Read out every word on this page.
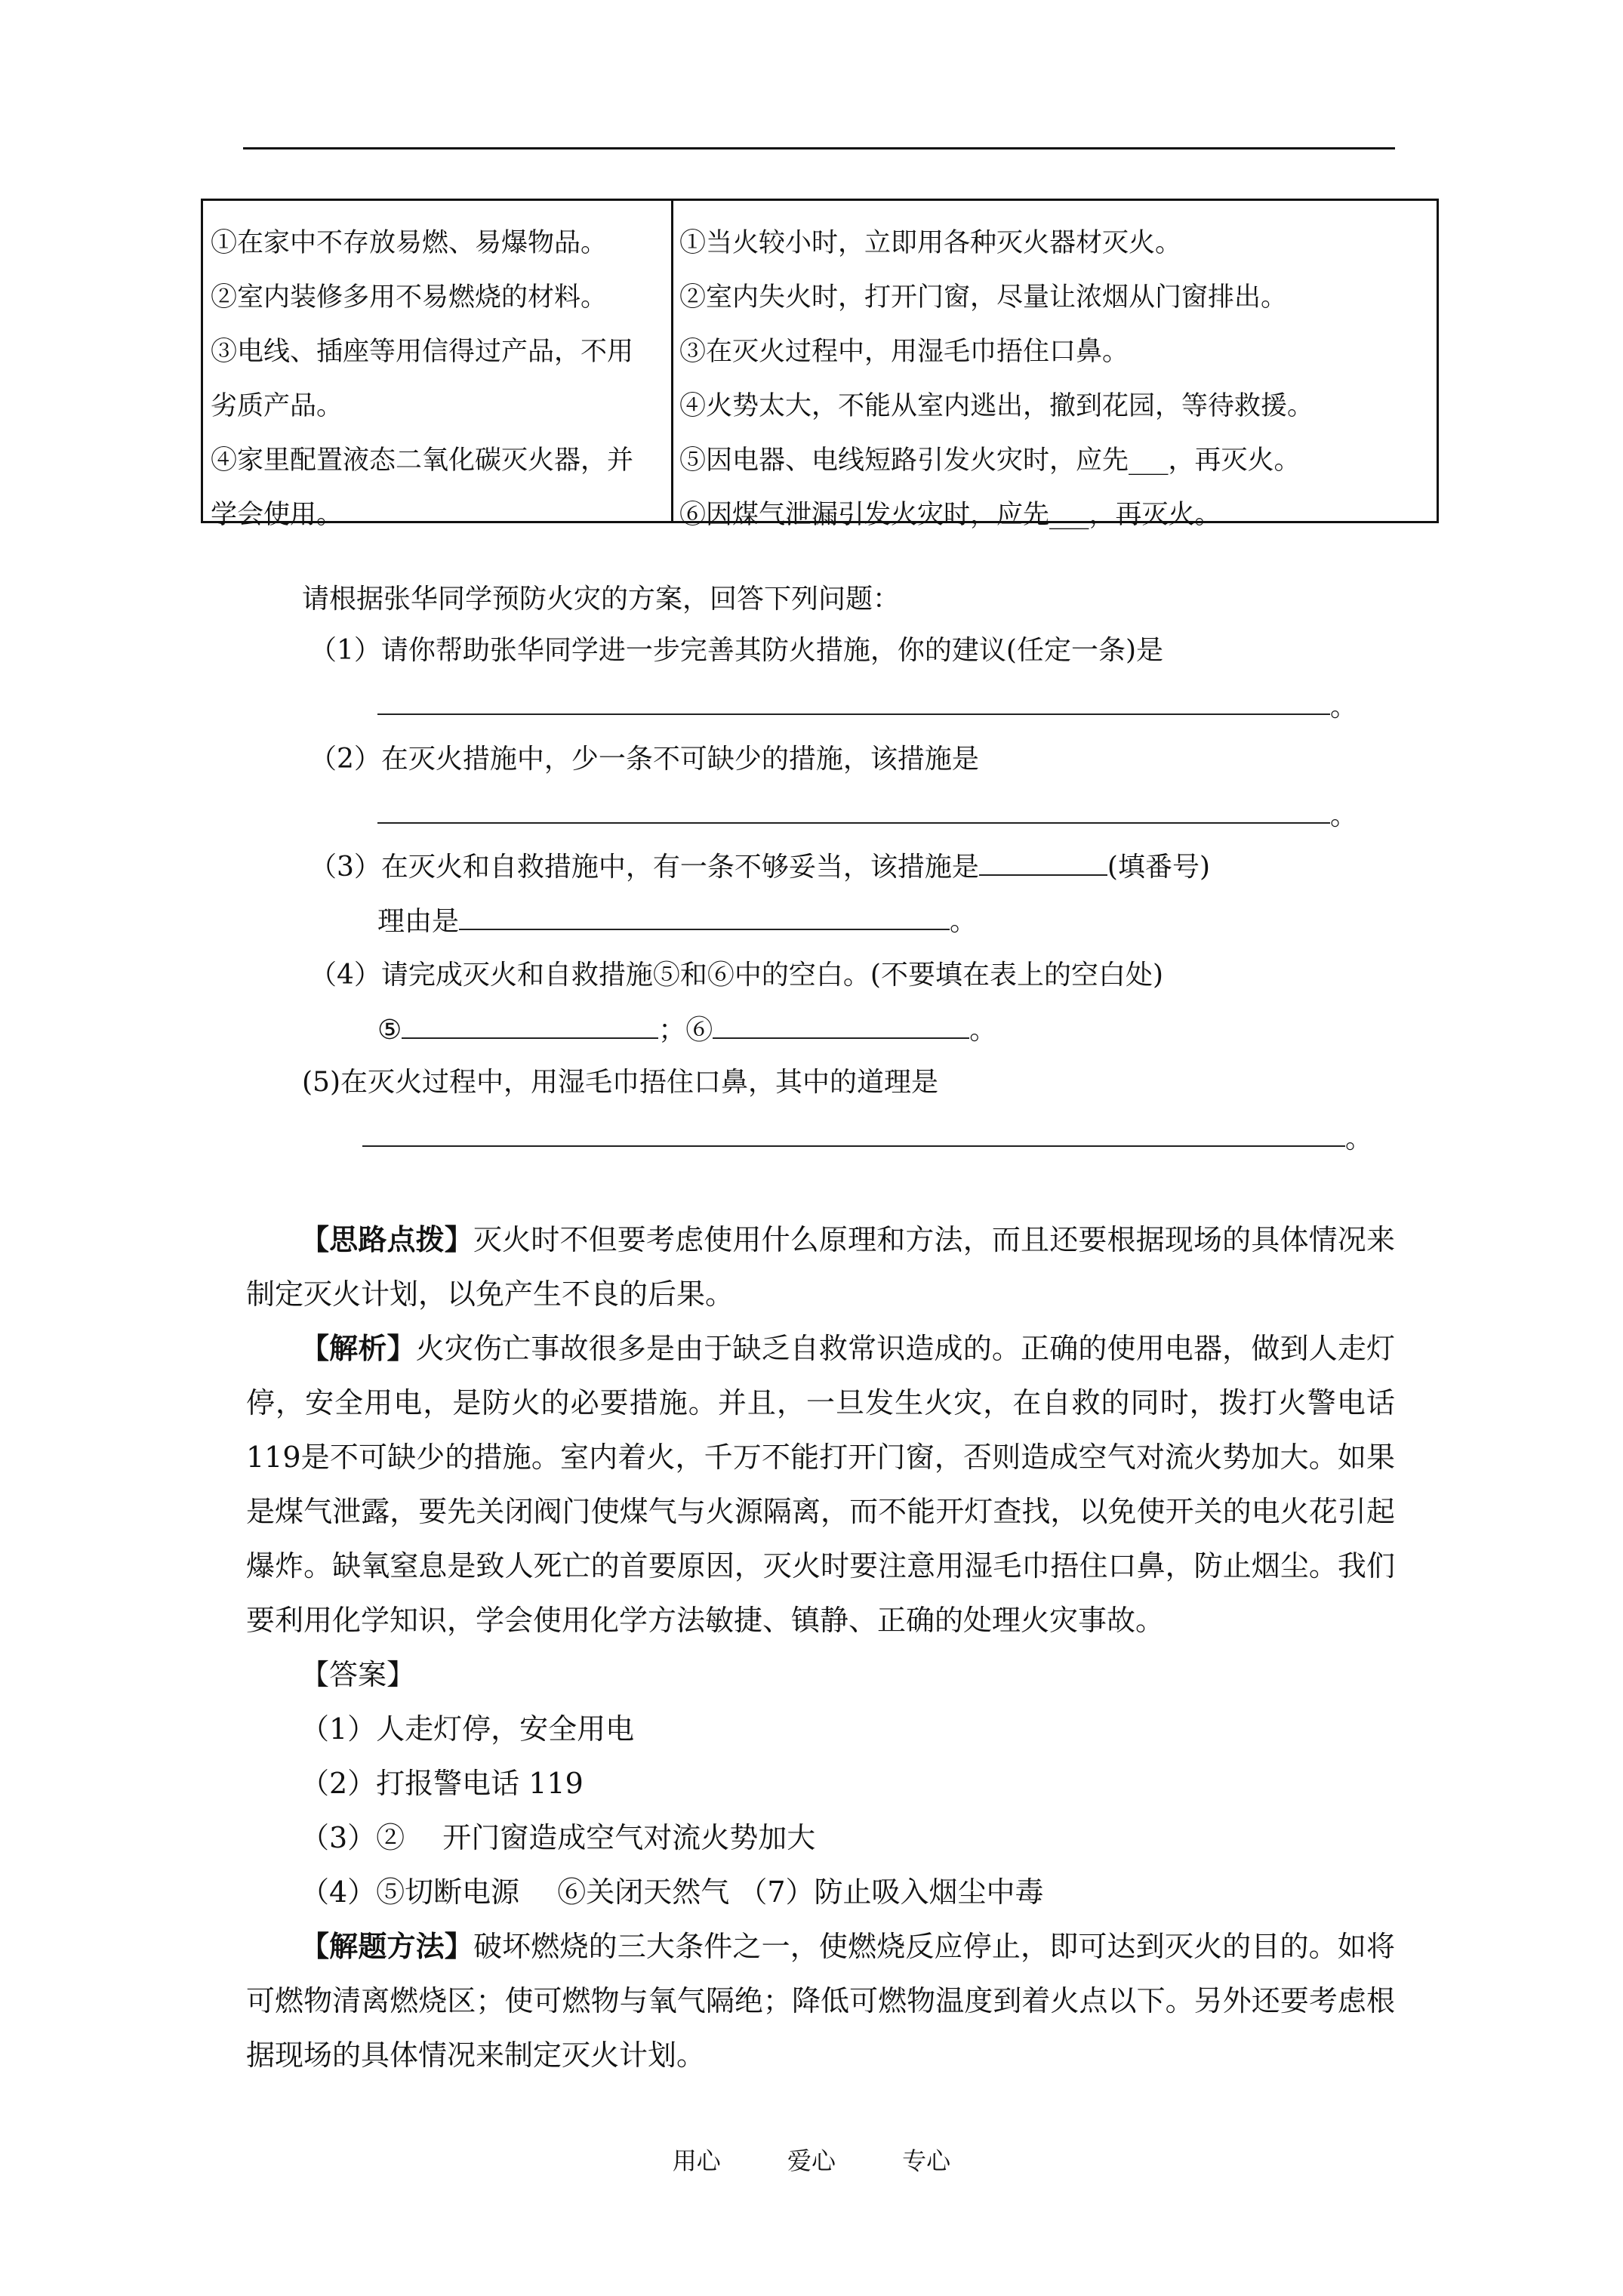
①在家中不存放易燃、易爆物品。
②室内装修多用不易燃烧的材料。
③电线、插座等用信得过产品，不用
劣质产品。
④家里配置液态二氧化碳灭火器，并
学会使用。
①当火较小时，立即用各种灭火器材灭火。
②室内失火时，打开门窗，尽量让浓烟从门窗排出。
③在灭火过程中，用湿毛巾捂住口鼻。
④火势太大，不能从室内逃出，撤到花园，等待救援。
⑤因电器、电线短路引发火灾时，应先___，再灭火。
⑥因煤气泄漏引发火灾时，应先___，再灭火。
请根据张华同学预防火灾的方案，回答下列问题：
（1）请你帮助张华同学进一步完善其防火措施，你的建议(任定一条)是
。
（2）在灭火措施中，少一条不可缺少的措施，该措施是
。
（3）在灭火和自救措施中，有一条不够妥当，该措施是	(填番号)
理由是	。
（4）请完成灭火和自救措施⑤和⑥中的空白。(不要填在表上的空白处)
⑤	；⑥	。
(5)在灭火过程中，用湿毛巾捂住口鼻，其中的道理是
。
【思路点拨】灭火时不但要考虑使用什么原理和方法，而且还要根据现场的具体情况来制定灭火计划，以免产生不良的后果。
【解析】火灾伤亡事故很多是由于缺乏自救常识造成的。正确的使用电器，做到人走灯停，安全用电，是防火的必要措施。并且，一旦发生火灾，在自救的同时，拨打火警电话119是不可缺少的措施。室内着火，千万不能打开门窗，否则造成空气对流火势加大。如果是煤气泄露，要先关闭阀门使煤气与火源隔离，而不能开灯查找，以免使开关的电火花引起爆炸。缺氧窒息是致人死亡的首要原因，灭火时要注意用湿毛巾捂住口鼻，防止烟尘。我们要利用化学知识，学会使用化学方法敏捷、镇静、正确的处理火灾事故。
【答案】
（1）人走灯停，安全用电
（2）打报警电话 119
（3）②　 开门窗造成空气对流火势加大
（4）⑤切断电源　 ⑥关闭天然气 （7）防止吸入烟尘中毒
【解题方法】破坏燃烧的三大条件之一，使燃烧反应停止，即可达到灭火的目的。如将可燃物清离燃烧区；使可燃物与氧气隔绝；降低可燃物温度到着火点以下。另外还要考虑根据现场的具体情况来制定灭火计划。
用心	爱心	专心
